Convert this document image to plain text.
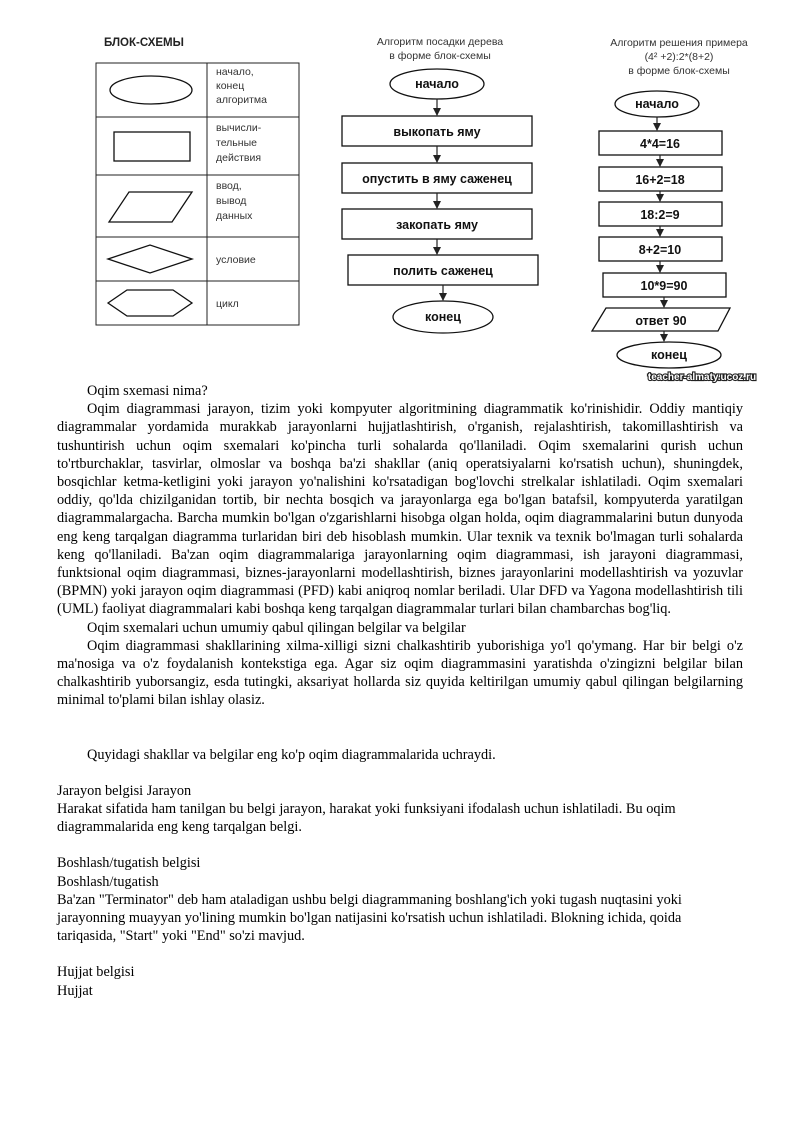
БЛОК-СХЕМЫ
начало,
конец
алгоритма
вычисли-
тельные
действия
ввод,
вывод
данных
условие
цикл
Алгоритм посадки дерева
в форме блок-схемы
начало
выкопать яму
опустить в яму саженец
закопать яму
полить саженец
конец
Алгоритм решения примера
(4² +2):2*(8+2)
в форме блок-схемы
начало
4*4=16
16+2=18
18:2=9
8+2=10
10*9=90
ответ 90
конец
teacher-almaty.ucoz.ru

Oqim sxemasi nima?

Oqim diagrammasi jarayon, tizim yoki kompyuter algoritmining diagrammatik ko'rinishidir. Oddiy mantiqiy diagrammalar yordamida murakkab jarayonlarni hujjatlashtirish, o'rganish, rejalashtirish, takomillashtirish va tushuntirish uchun oqim sxemalari ko'pincha turli sohalarda qo'llaniladi. Oqim sxemalarini qurish uchun to'rtburchaklar, tasvirlar, olmoslar va boshqa ba'zi shakllar (aniq operatsiyalarni ko'rsatish uchun), shuningdek, bosqichlar ketma-ketligini yoki jarayon yo'nalishini ko'rsatadigan bog'lovchi strelkalar ishlatiladi. Oqim sxemalari oddiy, qo'lda chizilganidan tortib, bir nechta bosqich va jarayonlarga ega bo'lgan batafsil, kompyuterda yaratilgan diagrammalargacha. Barcha mumkin bo'lgan o'zgarishlarni hisobga olgan holda, oqim diagrammalarini butun dunyoda eng keng tarqalgan diagramma turlaridan biri deb hisoblash mumkin. Ular texnik va texnik bo'lmagan turli sohalarda keng qo'llaniladi. Ba'zan oqim diagrammalariga jarayonlarning oqim diagrammasi, ish jarayoni diagrammasi, funktsional oqim diagrammasi, biznes-jarayonlarni modellashtirish, biznes jarayonlarini modellashtirish va yozuvlar (BPMN) yoki jarayon oqim diagrammasi (PFD) kabi aniqroq nomlar beriladi. Ular DFD va Yagona modellashtirish tili (UML) faoliyat diagrammalari kabi boshqa keng tarqalgan diagrammalar turlari bilan chambarchas bog'liq.

Oqim sxemalari uchun umumiy qabul qilingan belgilar va belgilar

Oqim diagrammasi shakllarining xilma-xilligi sizni chalkashtirib yuborishiga yo'l qo'ymang. Har bir belgi o'z ma'nosiga va o'z foydalanish kontekstiga ega. Agar siz oqim diagrammasini yaratishda o'zingizni belgilar bilan chalkashtirib yuborsangiz, esda tutingki, aksariyat hollarda siz quyida keltirilgan umumiy qabul qilingan belgilarning minimal to'plami bilan ishlay olasiz.

Quyidagi shakllar va belgilar eng ko'p oqim diagrammalarida uchraydi.

Jarayon belgisi Jarayon

Harakat sifatida ham tanilgan bu belgi jarayon, harakat yoki funksiyani ifodalash uchun ishlatiladi. Bu oqim diagrammalarida eng keng tarqalgan belgi.

Boshlash/tugatish belgisi

Boshlash/tugatish

Ba'zan "Terminator" deb ham ataladigan ushbu belgi diagrammaning boshlang'ich yoki tugash nuqtasini yoki jarayonning muayyan yo'lining mumkin bo'lgan natijasini ko'rsatish uchun ishlatiladi. Blokning ichida, qoida tariqasida, "Start" yoki "End" so'zi mavjud.

Hujjat belgisi

Hujjat
